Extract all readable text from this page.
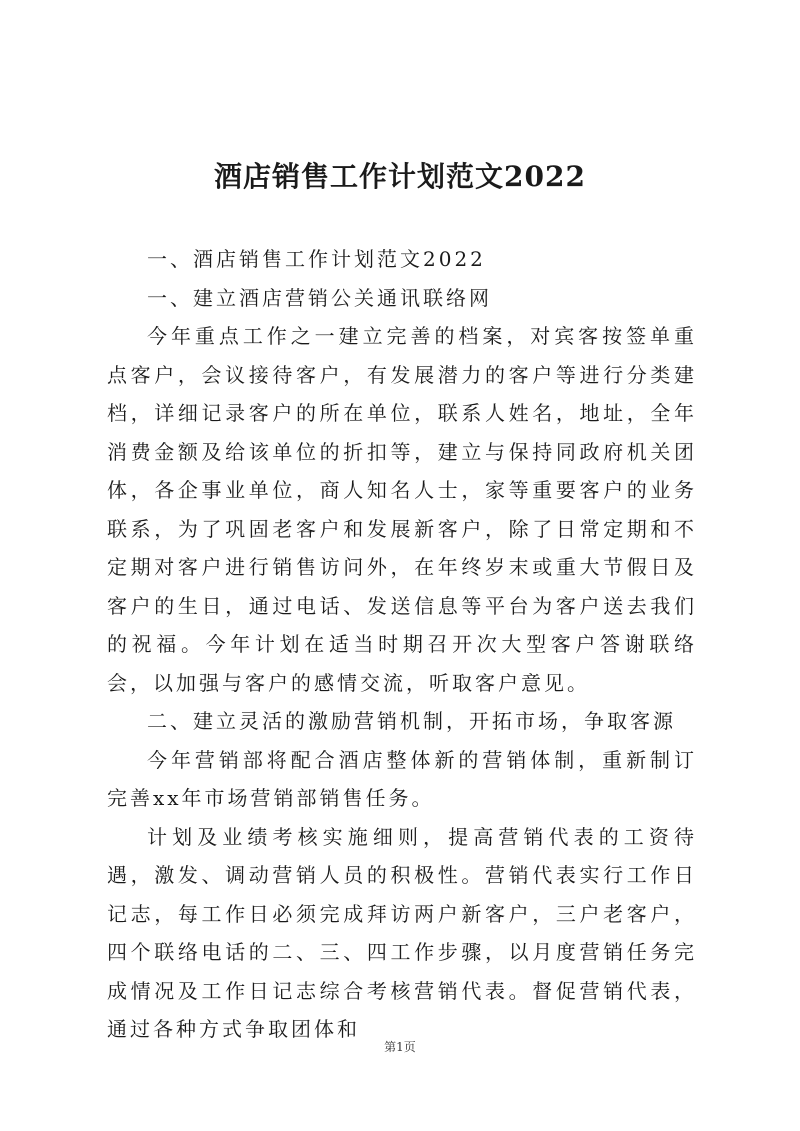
酒店销售工作计划范文2022

一、酒店销售工作计划范文2022

一、建立酒店营销公关通讯联络网

今年重点工作之一建立完善的档案，对宾客按签单重点客户，会议接待客户，有发展潜力的客户等进行分类建档，详细记录客户的所在单位，联系人姓名，地址，全年消费金额及给该单位的折扣等，建立与保持同政府机关团体，各企事业单位，商人知名人士，家等重要客户的业务联系，为了巩固老客户和发展新客户，除了日常定期和不定期对客户进行销售访问外，在年终岁末或重大节假日及客户的生日，通过电话、发送信息等平台为客户送去我们的祝福。今年计划在适当时期召开次大型客户答谢联络会，以加强与客户的感情交流，听取客户意见。

二、建立灵活的激励营销机制，开拓市场，争取客源

今年营销部将配合酒店整体新的营销体制，重新制订完善xx年市场营销部销售任务。

计划及业绩考核实施细则，提高营销代表的工资待遇，激发、调动营销人员的积极性。营销代表实行工作日记志，每工作日必须完成拜访两户新客户，三户老客户，四个联络电话的二、三、四工作步骤，以月度营销任务完成情况及工作日记志综合考核营销代表。督促营销代表，通过各种方式争取团体和

第1页
